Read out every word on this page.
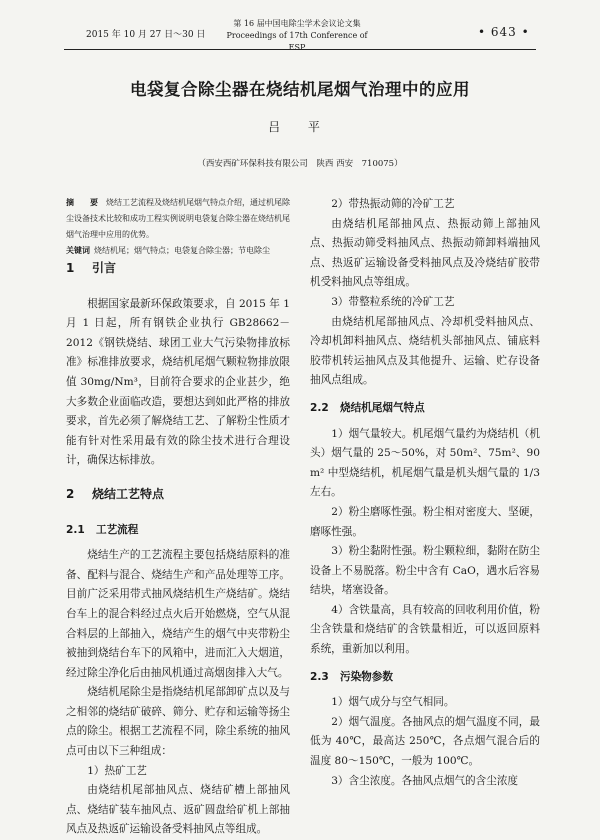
2015 年 10 月 27 日～30 日
第 16 届中国电除尘学术会议论文集
Proceedings of 17th Conference of ESP
• 643 •
电袋复合除尘器在烧结机尾烟气治理中的应用
吕 平
（西安西矿环保科技有限公司　陕西 西安　710075）

摘　要 烧结工艺流程及烧结机尾烟气特点介绍，通过机尾除尘设备技术比较和成功工程实例说明电袋复合除尘器在烧结机尾烟气治理中应用的优势。

关键词 烧结机尾；烟气特点；电袋复合除尘器；节电除尘

1 引言

根据国家最新环保政策要求，自 2015 年 1 月 1 日起，所有钢铁企业执行 GB28662－2012《钢铁烧结、球团工业大气污染物排放标准》标准排放要求，烧结机尾烟气颗粒物排放限值 30mg/Nm³，目前符合要求的企业甚少，绝大多数企业面临改造，要想达到如此严格的排放要求，首先必须了解烧结工艺、了解粉尘性质才能有针对性采用最有效的除尘技术进行合理设计，确保达标排放。

2 烧结工艺特点
2.1 工艺流程

烧结生产的工艺流程主要包括烧结原料的准备、配料与混合、烧结生产和产品处理等工序。目前广泛采用带式抽风烧结机生产烧结矿。烧结台车上的混合料经过点火后开始燃烧，空气从混合料层的上部抽入，烧结产生的烟气中夹带粉尘被抽到烧结台车下的风箱中，进而汇入大烟道，经过除尘净化后由抽风机通过高烟囱排入大气。

烧结机尾除尘是指烧结机尾部卸矿点以及与之相邻的烧结矿破碎、筛分、贮存和运输等扬尘点的除尘。根据工艺流程不同，除尘系统的抽风点可由以下三种组成：

1）热矿工艺

由烧结机尾部抽风点、烧结矿槽上部抽风点、烧结矿装车抽风点、返矿圆盘给矿机上部抽风点及热返矿运输设备受料抽风点等组成。

2）带热振动筛的冷矿工艺

由烧结机尾部抽风点、热振动筛上部抽风点、热振动筛受料抽风点、热振动筛卸料端抽风点、热返矿运输设备受料抽风点及冷烧结矿胶带机受料抽风点等组成。

3）带整粒系统的冷矿工艺

由烧结机尾部抽风点、冷却机受料抽风点、冷却机卸料抽风点、烧结机头部抽风点、铺底料胶带机转运抽风点及其他提升、运输、贮存设备抽风点组成。

2.2 烧结机尾烟气特点

1）烟气量较大。机尾烟气量约为烧结机（机头）烟气量的 25～50%，对 50m²、75m²、90 m² 中型烧结机，机尾烟气量是机头烟气量的 1/3 左右。

2）粉尘磨啄性强。粉尘相对密度大、坚硬，磨啄性强。

3）粉尘黏附性强。粉尘颗粒细，黏附在防尘设备上不易脱落。粉尘中含有 CaO，遇水后容易结块，堵塞设备。

4）含铁量高，具有较高的回收利用价值，粉尘含铁量和烧结矿的含铁量相近，可以返回原料系统，重新加以利用。

2.3 污染物参数

1）烟气成分与空气相同。

2）烟气温度。各抽风点的烟气温度不同，最低为 40℃，最高达 250℃，各点烟气混合后的温度 80～150℃，一般为 100℃。

3）含尘浓度。各抽风点烟气的含尘浓度
